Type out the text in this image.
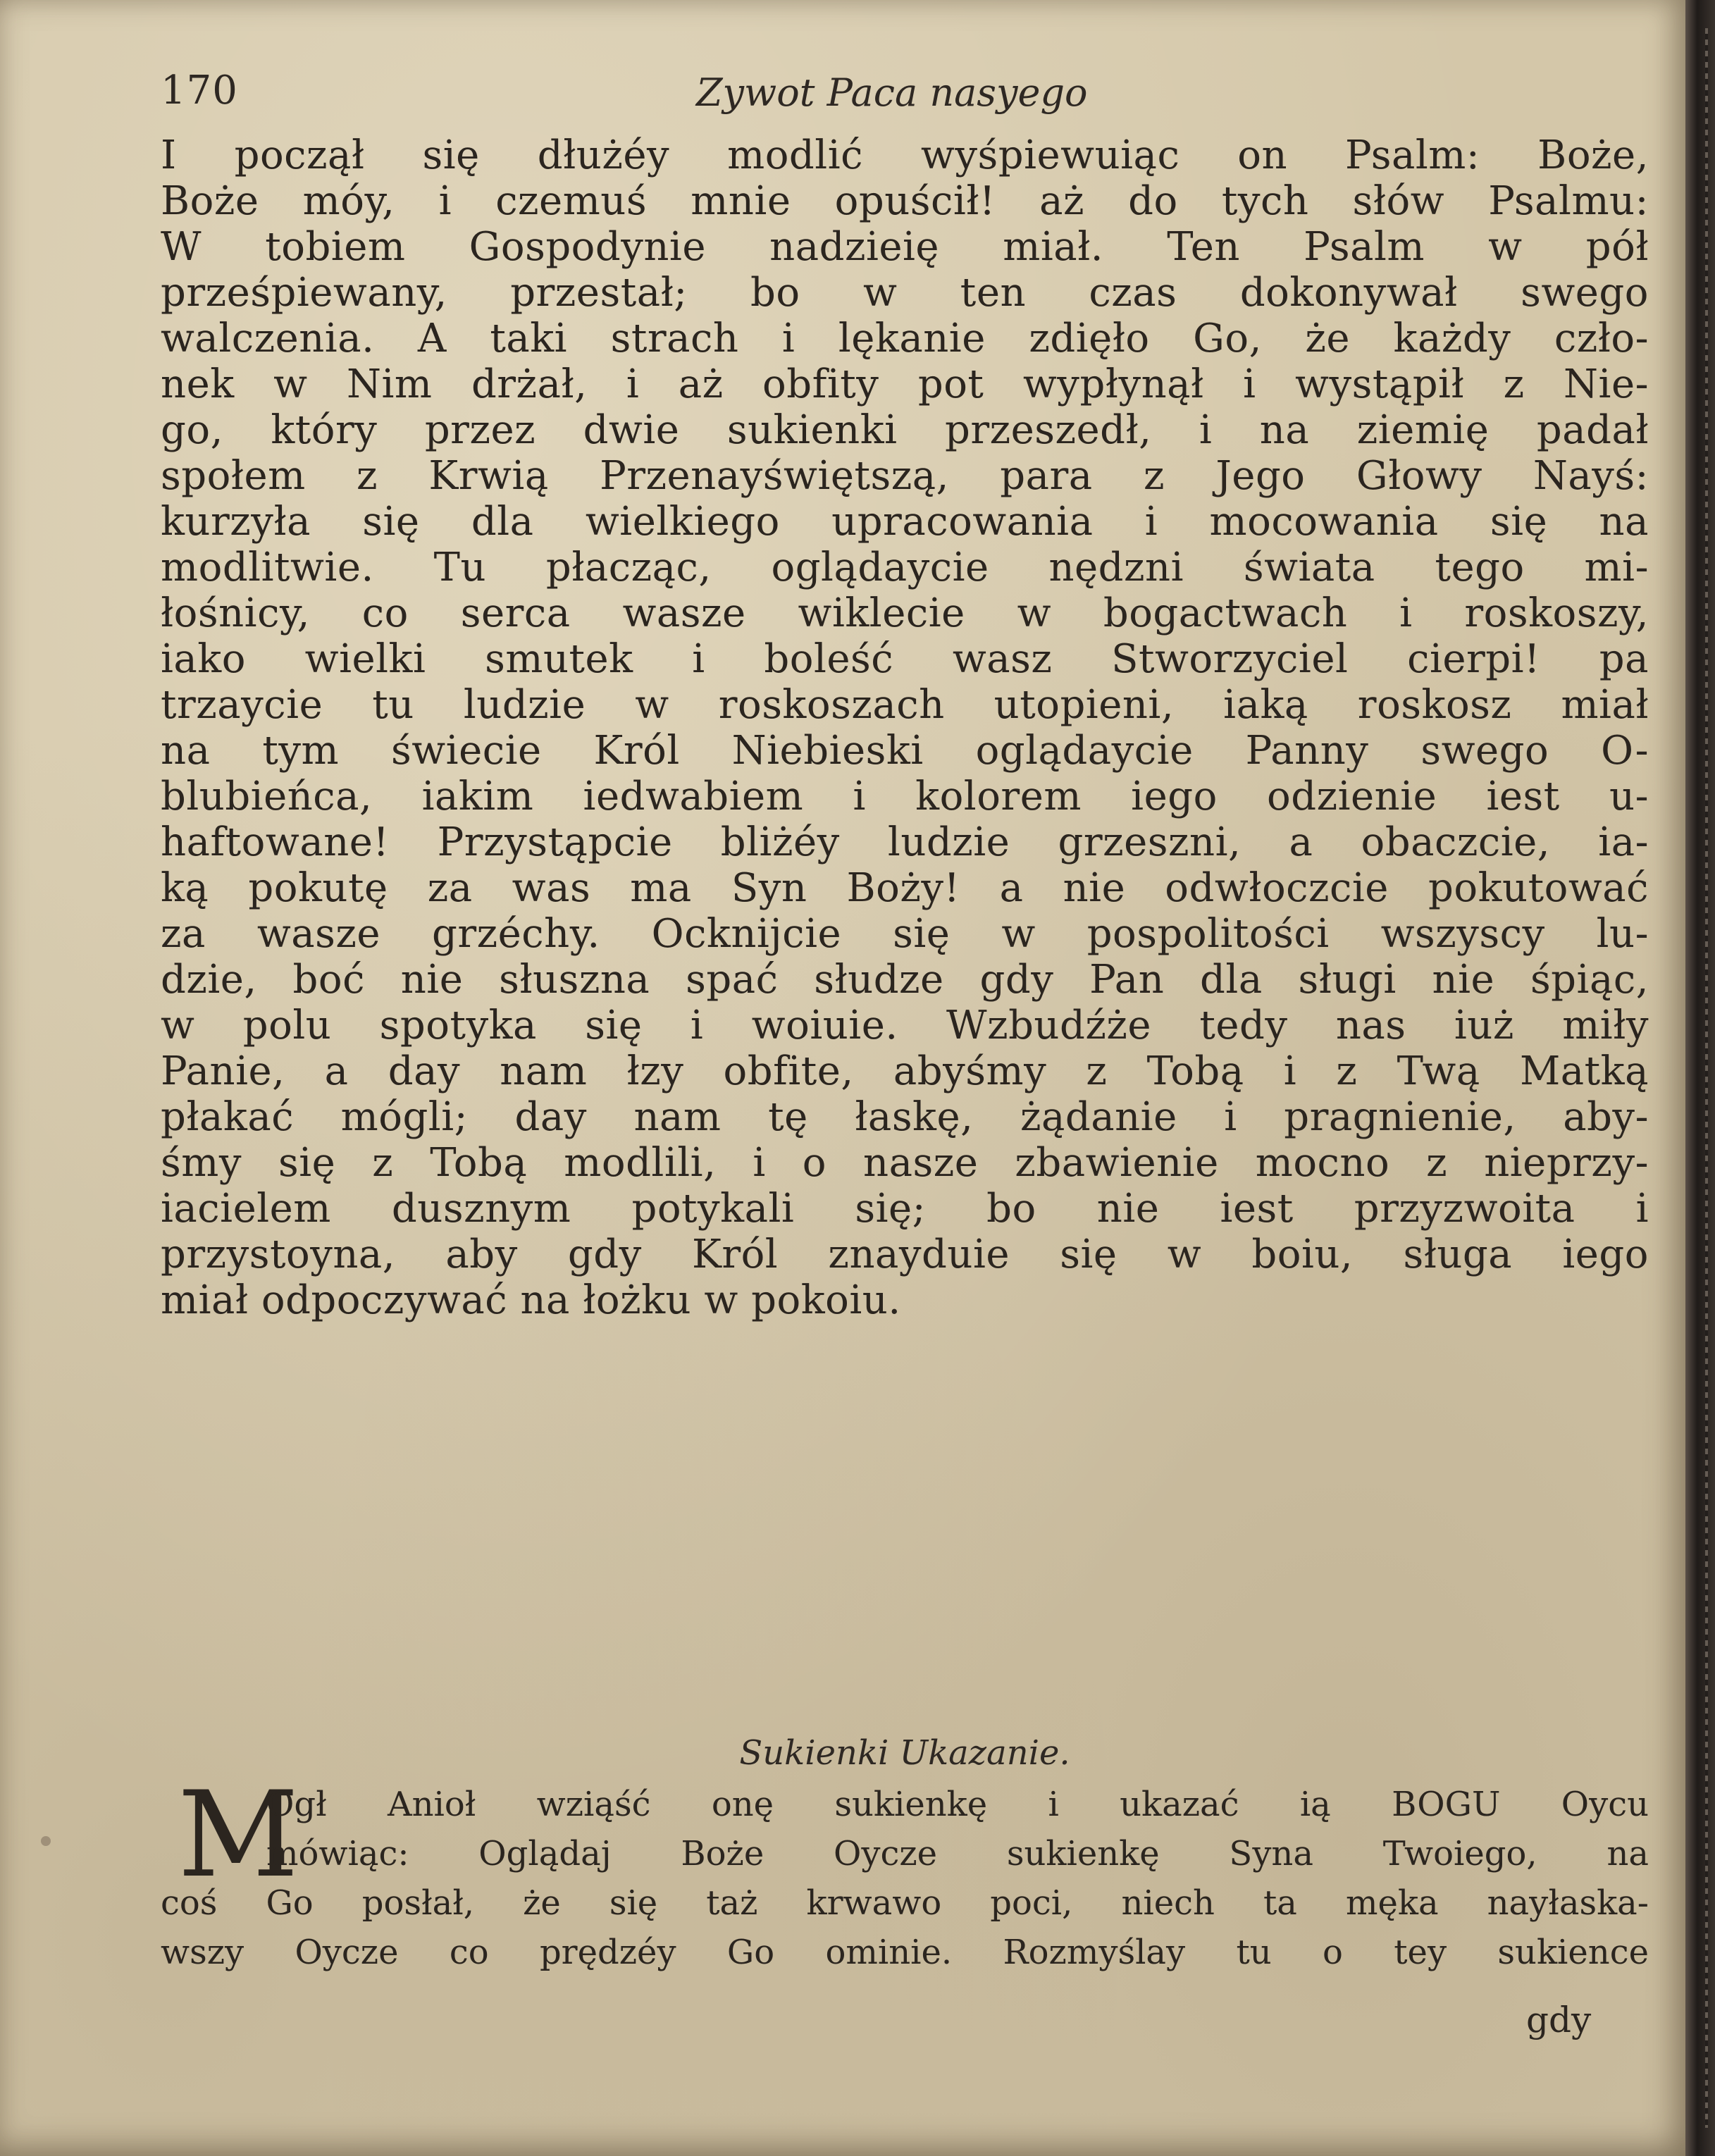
170	Zywot Paca nasyego
I począł się dłużéy modlić wyśpiewuiąc on Psalm: Boże,
Boże móy, i czemuś mnie opuścił! aż do tych słów Psalmu:
W tobiem Gospodynie nadzieię miał. Ten Psalm w pół
prześpiewany, przestał; bo w ten czas dokonywał swego
walczenia. A taki strach i lękanie zdięło Go, że każdy czło-
nek w Nim drżał, i aż obfity pot wypłynął i wystąpił z Nie-
go, który przez dwie sukienki przeszedł, i na ziemię padał
społem z Krwią Przenayświętszą, para z Jego Głowy Nayś:
kurzyła się dla wielkiego upracowania i mocowania się na
modlitwie. Tu płacząc, oglądaycie nędzni świata tego mi-
łośnicy, co serca wasze wiklecie w bogactwach i roskoszy,
iako wielki smutek i boleść wasz Stworzyciel cierpi! pa
trzaycie tu ludzie w roskoszach utopieni, iaką roskosz miał
na tym świecie Król Niebieski oglądaycie Panny swego O-
blubieńca, iakim iedwabiem i kolorem iego odzienie iest u-
haftowane! Przystąpcie bliżéy ludzie grzeszni, a obaczcie, ia-
ką pokutę za was ma Syn Boży! a nie odwłoczcie pokutować
za wasze grzéchy. Ocknijcie się w pospolitości wszyscy lu-
dzie, boć nie słuszna spać słudze gdy Pan dla sługi nie śpiąc,
w polu spotyka się i woiuie. Wzbudźże tedy nas iuż miły
Panie, a day nam łzy obfite, abyśmy z Tobą i z Twą Matką
płakać mógli; day nam tę łaskę, żądanie i pragnienie, aby-
śmy się z Tobą modlili, i o nasze zbawienie mocno z nieprzy-
iacielem dusznym potykali się; bo nie iest przyzwoita i
przystoyna, aby gdy Król znayduie się w boiu, sługa iego
miał odpoczywać na łożku w pokoiu.
Sukienki Ukazanie.
M
Ogł Anioł wziąść onę sukienkę i ukazać ią BOGU Oycu
mówiąc: Oglądaj Boże Oycze sukienkę Syna Twoiego, na
coś Go posłał, że się taż krwawo poci, niech ta męka nayłaska-
wszy Oycze co prędzéy Go ominie. Rozmyślay tu o tey sukience
gdy
